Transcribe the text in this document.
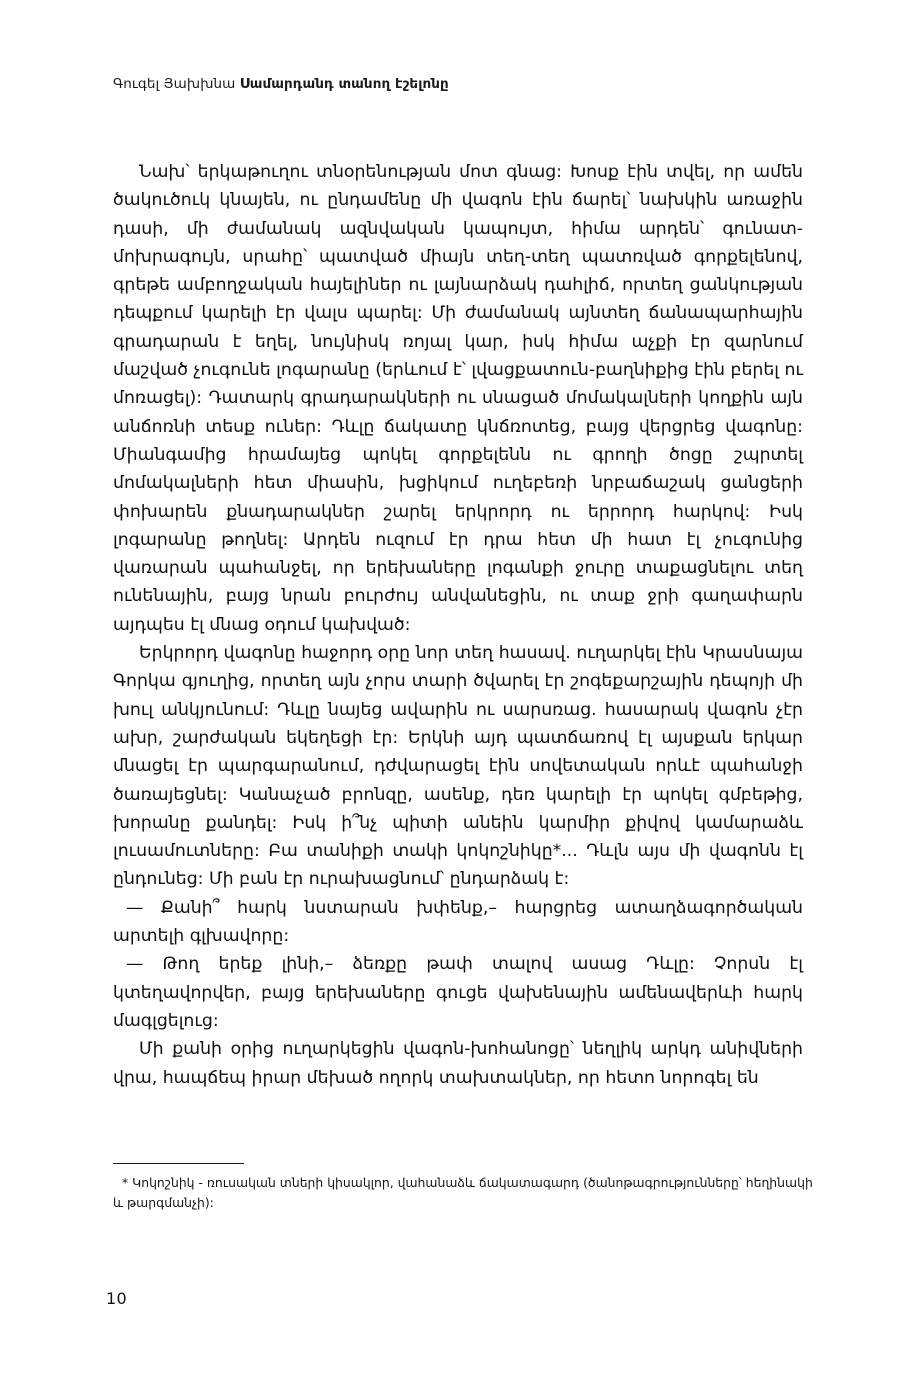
Գուգել Յախխնա Սամարդանդ տանող էշելոնը

Նախ՝ երկաթուղու տնօրենության մոտ գնաց: Խոսք էին տվել, որ ամեն ծակուծուկ կնայեն, ու ընդամենը մի վագոն էին ճարել՝ նախկին առաջին դասի, մի ժամանակ ազնվական կապույտ, հիմա արդեն՝ գունատ-մոխրագույն, սրահը՝ պատված միայն տեղ-տեղ պատռված գորքելենով, գրեթե ամբողջական հայելիներ ու լայնարձակ դահլիճ, որտեղ ցանկության դեպքում կարելի էր վալս պարել: Մի ժամանակ այնտեղ ճանապարհային գրադարան է եղել, նույնիսկ ռոյալ կար, իսկ հիմա աչքի էր զարնում մաշված չուգունե լոգարանը (երևում է՝ լվացքատուն-բաղնիքից էին բերել ու մոռացել): Դատարկ գրադարակների ու սնացած մոմակալների կողքին այն անճոռնի տեսք ուներ: Դևլը ճակատը կնճռոտեց, բայց վերցրեց վագոնը: Միանգամից հրամայեց պոկել գորքելենն ու գրողի ծոցը շպրտել մոմակալների հետ միասին, խցիկում ուղեբեռի նրբաճաշակ ցանցերի փոխարեն քնադարակներ շարել երկրորդ ու երրորդ հարկով: Իսկ լոգարանը թողնել: Արդեն ուզում էր դրա հետ մի հատ էլ չուգունից վառարան պահանջել, որ երեխաները լոգանքի ջուրը տաքացնելու տեղ ունենային, բայց նրան բուրժույ անվանեցին, ու տաք ջրի գաղափարն այդպես էլ մնաց օդում կախված:

Երկրորդ վագոնը հաջորդ օրը նոր տեղ հասավ. ուղարկել էին Կրասնայա Գորկա գյուղից, որտեղ այն չորս տարի ծվարել էր շոգեքարշային դեպոյի մի խուլ անկյունում: Դևլը նայեց ավարին ու սարսռաց. հասարակ վագոն չէր ախր, շարժական եկեղեցի էր: Երկնի այդ պատճառով էլ այսքան երկար մնացել էր պարգարանում, դժվարացել էին սովետական որևէ պահանջի ծառայեցնել: Կանաչած բրոնզը, ասենք, դեռ կարելի էր պոկել գմբեթից, խորանը քանդել: Իսկ ի՞նչ պիտի անեին կարմիր քիվով կամարաձև լուսամուտները: Բա տանիքի տակի կոկոշնիկը*... Դևլն այս մի վագոնն էլ ընդունեց: Մի բան էր ուրախացնում՝ ընդարձակ է:

— Քանի՞ հարկ նստարան խփենք,– հարցրեց ատաղձագործական արտելի գլխավորը:

— Թող երեք լինի,– ձեռքը թափ տալով ասաց Դևլը: Չորսն էլ կտեղավորվեր, բայց երեխաները գուցե վախենային ամենավերևի հարկ մագլցելուց:

Մի քանի օրից ուղարկեցին վագոն-խոհանոցը՝ նեղլիկ արկդ անիվների վրա, հապճեպ իրար մեխած ողորկ տախտակներ, որ հետո նորոգել են

* Կոկոշնիկ - ռուսական տների կիսակլոր, վահանաձև ճակատագարդ (ծանոթագրությունները՝ հեղինակի և թարգմանչի):

10
